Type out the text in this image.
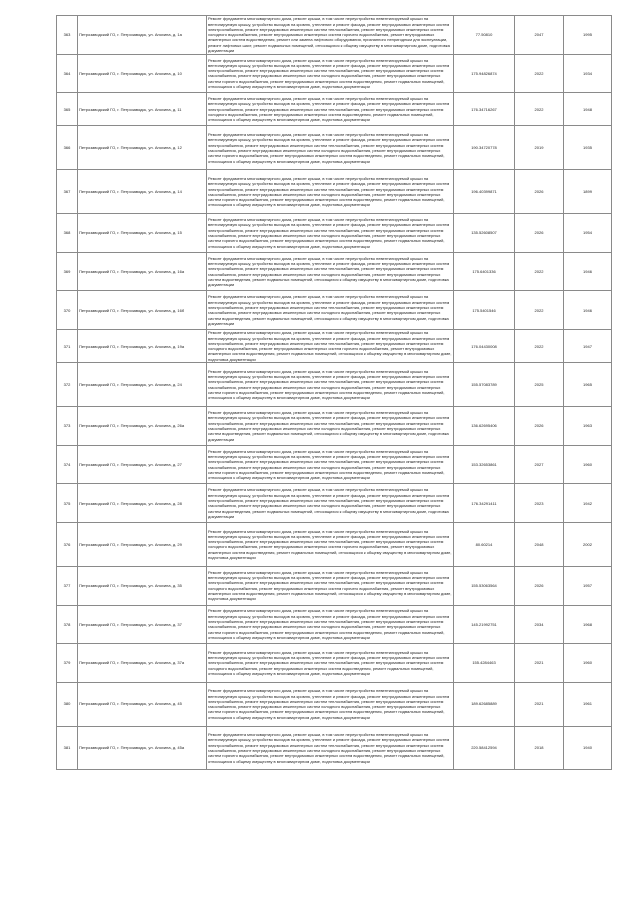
363	Петрозаводский ГО, г. Петрозаводск, ул. Анохина, д. 1а	Ремонт фундамента многоквартирного дома, ремонт крыши, в том числе переустройство невентилируемой крыши на вентилируемую крышу, устройство выходов на кровлю, утепление и ремонт фасада, ремонт внутридомовых инженерных систем электроснабжения, ремонт внутридомовых инженерных систем теплоснабжения, ремонт внутридомовых инженерных систем холодного водоснабжения, ремонт внутридомовых инженерных систем горячего водоснабжения, ремонт внутридомовых инженерных систем водоотведения, ремонт или замена лифтового оборудования, признанного непригодным для эксплуатации, ремонт лифтовых шахт, ремонт подвальных помещений, относящихся к общему имуществу в многоквартирном доме, подготовка документации	77.50810	2047	1995
364	Петрозаводский ГО, г. Петрозаводск, ул. Анохина, д. 10	Ремонт фундамента многоквартирного дома, ремонт крыши, в том числе переустройство невентилируемой крыши на вентилируемую крышу, устройство выходов на кровлю, утепление и ремонт фасада, ремонт внутридомовых инженерных систем электроснабжения, ремонт внутридомовых инженерных систем теплоснабжения, ремонт внутридомовых инженерных систем газоснабжения, ремонт внутридомовых инженерных систем холодного водоснабжения, ремонт внутридомовых инженерных систем горячего водоснабжения, ремонт внутридомовых инженерных систем водоотведения, ремонт подвальных помещений, относящихся к общему имуществу в многоквартирном доме, подготовка документации	175.94826874	2022	1934
365	Петрозаводский ГО, г. Петрозаводск, ул. Анохина, д. 11	Ремонт фундамента многоквартирного дома, ремонт крыши, в том числе переустройство невентилируемой крыши на вентилируемую крышу, устройство выходов на кровлю, утепление и ремонт фасада, ремонт внутридомовых инженерных систем электроснабжения, ремонт внутридомовых инженерных систем теплоснабжения, ремонт внутридомовых инженерных систем холодного водоснабжения, ремонт внутридомовых инженерных систем водоотведения, ремонт подвальных помещений, относящихся к общему имуществу в многоквартирном доме, подготовка документации	176.34716267	2022	1948
366	Петрозаводский ГО, г. Петрозаводск, ул. Анохина, д. 12	Ремонт фундамента многоквартирного дома, ремонт крыши, в том числе переустройство невентилируемой крыши на вентилируемую крышу, устройство выходов на кровлю, утепление и ремонт фасада, ремонт внутридомовых инженерных систем электроснабжения, ремонт внутридомовых инженерных систем теплоснабжения, ремонт внутридомовых инженерных систем газоснабжения, ремонт внутридомовых инженерных систем холодного водоснабжения, ремонт внутридомовых инженерных систем горячего водоснабжения, ремонт внутридомовых инженерных систем водоотведения, ремонт подвальных помещений, относящихся к общему имуществу в многоквартирном доме, подготовка документации	190.34720778	2019	1935
367	Петрозаводский ГО, г. Петрозаводск, ул. Анохина, д. 14	Ремонт фундамента многоквартирного дома, ремонт крыши, в том числе переустройство невентилируемой крыши на вентилируемую крышу, устройство выходов на кровлю, утепление и ремонт фасада, ремонт внутридомовых инженерных систем электроснабжения, ремонт внутридомовых инженерных систем теплоснабжения, ремонт внутридомовых инженерных систем газоснабжения, ремонт внутридомовых инженерных систем холодного водоснабжения, ремонт внутридомовых инженерных систем горячего водоснабжения, ремонт внутридомовых инженерных систем водоотведения, ремонт подвальных помещений, относящихся к общему имуществу в многоквартирном доме, подготовка документации	196.40399871	2026	1899
368	Петрозаводский ГО, г. Петрозаводск, ул. Анохина, д. 15	Ремонт фундамента многоквартирного дома, ремонт крыши, в том числе переустройство невентилируемой крыши на вентилируемую крышу, устройство выходов на кровлю, утепление и ремонт фасада, ремонт внутридомовых инженерных систем электроснабжения, ремонт внутридомовых инженерных систем теплоснабжения, ремонт внутридомовых инженерных систем газоснабжения, ремонт внутридомовых инженерных систем холодного водоснабжения, ремонт внутридомовых инженерных систем горячего водоснабжения, ремонт внутридомовых инженерных систем водоотведения, ремонт подвальных помещений, относящихся к общему имуществу в многоквартирном доме, подготовка документации	135.52608507	2026	1954
369	Петрозаводский ГО, г. Петрозаводск, ул. Анохина, д. 16а	Ремонт фундамента многоквартирного дома, ремонт крыши, в том числе переустройство невентилируемой крыши на вентилируемую крышу, устройство выходов на кровлю, утепление и ремонт фасада, ремонт внутридомовых инженерных систем электроснабжения, ремонт внутридомовых инженерных систем теплоснабжения, ремонт внутридомовых инженерных систем газоснабжения, ремонт внутридомовых инженерных систем холодного водоснабжения, ремонт внутридомовых инженерных систем водоотведения, ремонт подвальных помещений, относящихся к общему имуществу в многоквартирном доме, подготовка документации	175.6401336	2022	1946
370	Петрозаводский ГО, г. Петрозаводск, ул. Анохина, д. 16б	Ремонт фундамента многоквартирного дома, ремонт крыши, в том числе переустройство невентилируемой крыши на вентилируемую крышу, устройство выходов на кровлю, утепление и ремонт фасада, ремонт внутридомовых инженерных систем электроснабжения, ремонт внутридомовых инженерных систем теплоснабжения, ремонт внутридомовых инженерных систем газоснабжения, ремонт внутридомовых инженерных систем холодного водоснабжения, ремонт внутридомовых инженерных систем водоотведения, ремонт подвальных помещений, относящихся к общему имуществу в многоквартирном доме, подготовка документации	175.5401546	2022	1946
371	Петрозаводский ГО, г. Петрозаводск, ул. Анохина, д. 19а	Ремонт фундамента многоквартирного дома, ремонт крыши, в том числе переустройство невентилируемой крыши на вентилируемую крышу, устройство выходов на кровлю, утепление и ремонт фасада, ремонт внутридомовых инженерных систем электроснабжения, ремонт внутридомовых инженерных систем теплоснабжения, ремонт внутридомовых инженерных систем холодного водоснабжения, ремонт внутридомовых инженерных систем горячего водоснабжения, ремонт внутридомовых инженерных систем водоотведения, ремонт подвальных помещений, относящихся к общему имуществу в многоквартирном доме, подготовка документации	176.04430008	2022	1947
372	Петрозаводский ГО, г. Петрозаводск, ул. Анохина, д. 24	Ремонт фундамента многоквартирного дома, ремонт крыши, в том числе переустройство невентилируемой крыши на вентилируемую крышу, устройство выходов на кровлю, утепление и ремонт фасада, ремонт внутридомовых инженерных систем электроснабжения, ремонт внутридомовых инженерных систем теплоснабжения, ремонт внутридомовых инженерных систем газоснабжения, ремонт внутридомовых инженерных систем холодного водоснабжения, ремонт внутридомовых инженерных систем горячего водоснабжения, ремонт внутридомовых инженерных систем водоотведения, ремонт подвальных помещений, относящихся к общему имуществу в многоквартирном доме, подготовка документации	155.57083789	2025	1965
373	Петрозаводский ГО, г. Петрозаводск, ул. Анохина, д. 26а	Ремонт фундамента многоквартирного дома, ремонт крыши, в том числе переустройство невентилируемой крыши на вентилируемую крышу, устройство выходов на кровлю, утепление и ремонт фасада, ремонт внутридомовых инженерных систем электроснабжения, ремонт внутридомовых инженерных систем теплоснабжения, ремонт внутридомовых инженерных систем газоснабжения, ремонт внутридомовых инженерных систем холодного водоснабжения, ремонт внутридомовых инженерных систем водоотведения, ремонт подвальных помещений, относящихся к общему имуществу в многоквартирном доме, подготовка документации	136.62695406	2026	1963
374	Петрозаводский ГО, г. Петрозаводск, ул. Анохина, д. 27	Ремонт фундамента многоквартирного дома, ремонт крыши, в том числе переустройство невентилируемой крыши на вентилируемую крышу, устройство выходов на кровлю, утепление и ремонт фасада, ремонт внутридомовых инженерных систем электроснабжения, ремонт внутридомовых инженерных систем теплоснабжения, ремонт внутридомовых инженерных систем газоснабжения, ремонт внутридомовых инженерных систем холодного водоснабжения, ремонт внутридомовых инженерных систем горячего водоснабжения, ремонт внутридомовых инженерных систем водоотведения, ремонт подвальных помещений, относящихся к общему имуществу в многоквартирном доме, подготовка документации	153.32653861	2027	1960
375	Петрозаводский ГО, г. Петрозаводск, ул. Анохина, д. 28	Ремонт фундамента многоквартирного дома, ремонт крыши, в том числе переустройство невентилируемой крыши на вентилируемую крышу, устройство выходов на кровлю, утепление и ремонт фасада, ремонт внутридомовых инженерных систем электроснабжения, ремонт внутридомовых инженерных систем теплоснабжения, ремонт внутридомовых инженерных систем газоснабжения, ремонт внутридомовых инженерных систем холодного водоснабжения, ремонт внутридомовых инженерных систем водоотведения, ремонт подвальных помещений, относящихся к общему имуществу в многоквартирном доме, подготовка документации	176.34291411	2023	1942
376	Петрозаводский ГО, г. Петрозаводск, ул. Анохина, д. 29	Ремонт фундамента многоквартирного дома, ремонт крыши, в том числе переустройство невентилируемой крыши на вентилируемую крышу, устройство выходов на кровлю, утепление и ремонт фасада, ремонт внутридомовых инженерных систем электроснабжения, ремонт внутридомовых инженерных систем теплоснабжения, ремонт внутридомовых инженерных систем холодного водоснабжения, ремонт внутридомовых инженерных систем горячего водоснабжения, ремонт внутридомовых инженерных систем водоотведения, ремонт подвальных помещений, относящихся к общему имуществу в многоквартирном доме, подготовка документации	80.60214	2048	2002
377	Петрозаводский ГО, г. Петрозаводск, ул. Анохина, д. 35	Ремонт фундамента многоквартирного дома, ремонт крыши, в том числе переустройство невентилируемой крыши на вентилируемую крышу, устройство выходов на кровлю, утепление и ремонт фасада, ремонт внутридомовых инженерных систем электроснабжения, ремонт внутридомовых инженерных систем теплоснабжения, ремонт внутридомовых инженерных систем холодного водоснабжения, ремонт внутридомовых инженерных систем горячего водоснабжения, ремонт внутридомовых инженерных систем водоотведения, ремонт подвальных помещений, относящихся к общему имуществу в многоквартирном доме, подготовка документации	155.53063564	2026	1957
378	Петрозаводский ГО, г. Петрозаводск, ул. Анохина, д. 37	Ремонт фундамента многоквартирного дома, ремонт крыши, в том числе переустройство невентилируемой крыши на вентилируемую крышу, устройство выходов на кровлю, утепление и ремонт фасада, ремонт внутридомовых инженерных систем электроснабжения, ремонт внутридомовых инженерных систем теплоснабжения, ремонт внутридомовых инженерных систем газоснабжения, ремонт внутридомовых инженерных систем холодного водоснабжения, ремонт внутридомовых инженерных систем горячего водоснабжения, ремонт внутридомовых инженерных систем водоотведения, ремонт подвальных помещений, относящихся к общему имуществу в многоквартирном доме, подготовка документации	145.21992751	2034	1968
379	Петрозаводский ГО, г. Петрозаводск, ул. Анохина, д. 37а	Ремонт фундамента многоквартирного дома, ремонт крыши, в том числе переустройство невентилируемой крыши на вентилируемую крышу, устройство выходов на кровлю, утепление и ремонт фасада, ремонт внутридомовых инженерных систем электроснабжения, ремонт внутридомовых инженерных систем теплоснабжения, ремонт внутридомовых инженерных систем холодного водоснабжения, ремонт внутридомовых инженерных систем водоотведения, ремонт подвальных помещений, относящихся к общему имуществу в многоквартирном доме, подготовка документации	155.4284463	2021	1960
380	Петрозаводский ГО, г. Петрозаводск, ул. Анохина, д. 45	Ремонт фундамента многоквартирного дома, ремонт крыши, в том числе переустройство невентилируемой крыши на вентилируемую крышу, устройство выходов на кровлю, утепление и ремонт фасада, ремонт внутридомовых инженерных систем электроснабжения, ремонт внутридомовых инженерных систем теплоснабжения, ремонт внутридомовых инженерных систем газоснабжения, ремонт внутридомовых инженерных систем холодного водоснабжения, ремонт внутридомовых инженерных систем горячего водоснабжения, ремонт внутридомовых инженерных систем водоотведения, ремонт подвальных помещений, относящихся к общему имуществу в многоквартирном доме, подготовка документации	189.62685889	2021	1961
381	Петрозаводский ГО, г. Петрозаводск, ул. Анохина, д. 45а	Ремонт фундамента многоквартирного дома, ремонт крыши, в том числе переустройство невентилируемой крыши на вентилируемую крышу, устройство выходов на кровлю, утепление и ремонт фасада, ремонт внутридомовых инженерных систем электроснабжения, ремонт внутридомовых инженерных систем теплоснабжения, ремонт внутридомовых инженерных систем газоснабжения, ремонт внутридомовых инженерных систем холодного водоснабжения, ремонт внутридомовых инженерных систем горячего водоснабжения, ремонт внутридомовых инженерных систем водоотведения, ремонт подвальных помещений, относящихся к общему имуществу в многоквартирном доме, подготовка документации	220.58412594	2018	1940
